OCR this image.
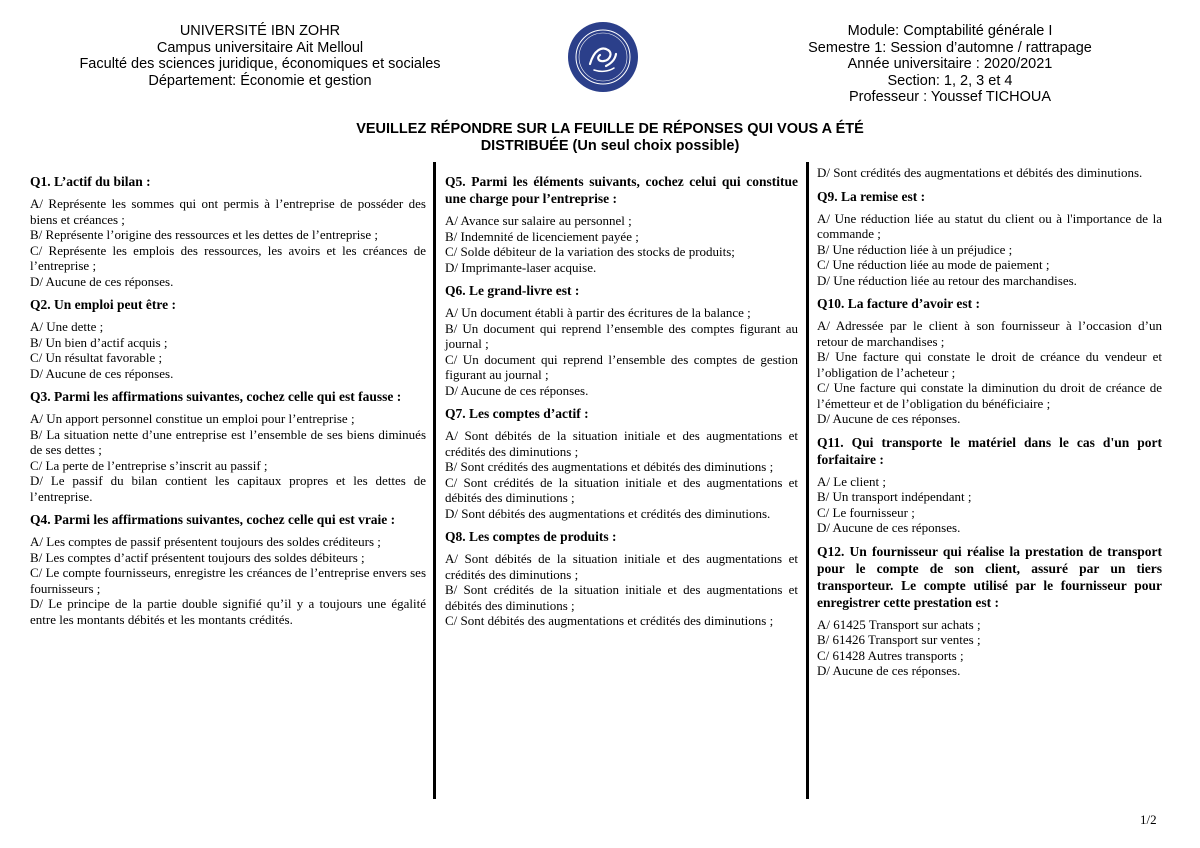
UNIVERSITÉ IBN ZOHR
Campus universitaire Ait Melloul
Faculté des sciences juridique, économiques et sociales
Département: Économie et gestion
Module: Comptabilité générale I
Semestre 1: Session d’automne / rattrapage
Année universitaire : 2020/2021
Section: 1, 2, 3 et 4
Professeur : Youssef TICHOUA
VEUILLEZ RÉPONDRE SUR LA FEUILLE DE RÉPONSES QUI VOUS A ÉTÉ
DISTRIBUÉE (Un seul choix possible)
Q1. L’actif du bilan :

A/ Représente les sommes qui ont permis à l’entreprise de posséder des biens et créances ;

B/ Représente l’origine des ressources et les dettes de l’entreprise ;

C/ Représente les emplois des ressources, les avoirs et les créances de l’entreprise ;

D/ Aucune de ces réponses.

Q2. Un emploi peut être :

A/ Une dette ;

B/ Un bien d’actif acquis ;

C/ Un résultat favorable ;

D/ Aucune de ces réponses.

Q3. Parmi les affirmations suivantes, cochez celle qui est fausse :

A/ Un apport personnel constitue un emploi pour l’entreprise ;

B/ La situation nette d’une entreprise est l’ensemble de ses biens diminués de ses dettes ;

C/ La perte de l’entreprise s’inscrit au passif ;

D/ Le passif du bilan contient les capitaux propres et les dettes de l’entreprise.

Q4. Parmi les affirmations suivantes, cochez celle qui est vraie :

A/ Les comptes de passif présentent toujours des soldes créditeurs ;

B/ Les comptes d’actif présentent toujours des soldes débiteurs ;

C/ Le compte fournisseurs, enregistre les créances de l’entreprise envers ses fournisseurs ;

D/ Le principe de la partie double signifié qu’il y a toujours une égalité entre les montants débités et les montants crédités.

Q5. Parmi les éléments suivants, cochez celui qui constitue une charge pour l’entreprise :

A/ Avance sur salaire au personnel ;

B/ Indemnité de licenciement payée ;

C/ Solde débiteur de la variation des stocks de produits;

D/ Imprimante-laser acquise.

Q6. Le grand-livre est :

A/ Un document établi à partir des écritures de la balance ;

B/ Un document qui reprend l’ensemble des comptes figurant au journal ;

C/ Un document qui reprend l’ensemble des comptes de gestion figurant au journal ;

D/ Aucune de ces réponses.

Q7. Les comptes d’actif :

A/ Sont débités de la situation initiale et des augmentations et crédités des diminutions ;

B/ Sont crédités des augmentations et débités des diminutions ;

C/ Sont crédités de la situation initiale et des augmentations et débités des diminutions ;

D/ Sont débités des augmentations et crédités des diminutions.

Q8. Les comptes de produits :

A/ Sont débités de la situation initiale et des augmentations et crédités des diminutions ;

B/ Sont crédités de la situation initiale et des augmentations et débités des diminutions ;

C/ Sont débités des augmentations et crédités des diminutions ;

D/ Sont crédités des augmentations et débités des diminutions.

Q9. La remise est :

A/ Une réduction liée au statut du client ou à l'importance de la commande ;

B/ Une réduction liée à un préjudice ;

C/ Une réduction liée au mode de paiement ;

D/ Une réduction liée au retour des marchandises.

Q10. La facture d’avoir est :

A/ Adressée par le client à son fournisseur à l’occasion d’un retour de marchandises ;

B/ Une facture qui constate le droit de créance du vendeur et l’obligation de l’acheteur ;

C/ Une facture qui constate la diminution du droit de créance de l’émetteur et de l’obligation du bénéficiaire ;

D/ Aucune de ces réponses.

Q11. Qui transporte le matériel dans le cas d'un port forfaitaire :

A/ Le client ;

B/ Un transport indépendant ;

C/ Le fournisseur ;

D/ Aucune de ces réponses.

Q12. Un fournisseur qui réalise la prestation de transport pour le compte de son client, assuré par un tiers transporteur. Le compte utilisé par le fournisseur pour enregistrer cette prestation est :

A/ 61425 Transport sur achats ;

B/ 61426 Transport sur ventes ;

C/ 61428 Autres transports ;

D/ Aucune de ces réponses.

1/2
